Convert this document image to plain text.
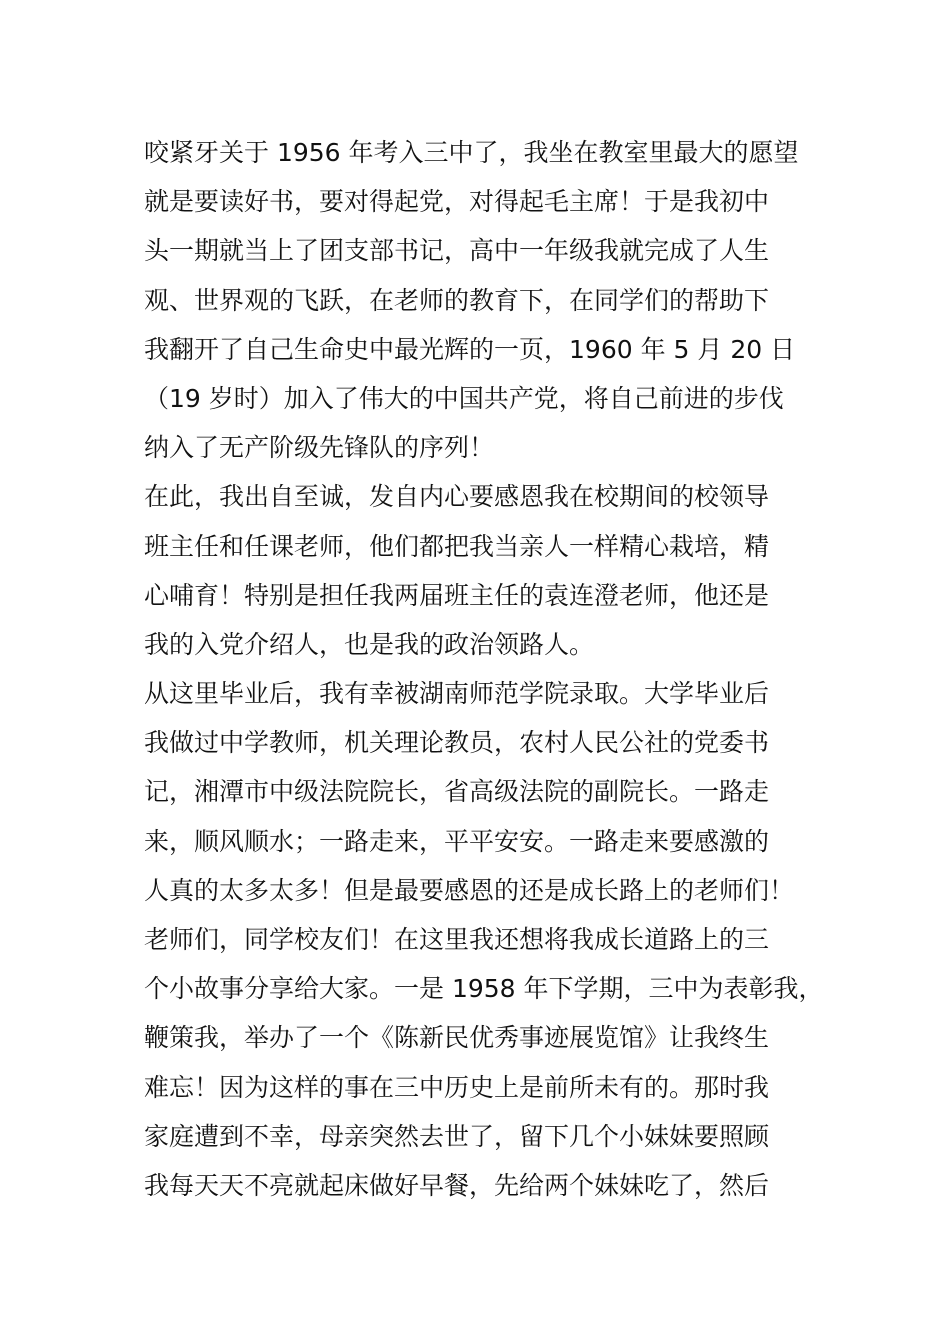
咬紧牙关于 1956 年考入三中了，我坐在教室里最大的愿望
就是要读好书，要对得起党，对得起毛主席！于是我初中
头一期就当上了团支部书记，高中一年级我就完成了人生
观、世界观的飞跃，在老师的教育下，在同学们的帮助下
我翻开了自己生命史中最光辉的一页，1960 年 5 月 20 日
（19 岁时）加入了伟大的中国共产党，将自己前进的步伐
纳入了无产阶级先锋队的序列！
在此，我出自至诚，发自内心要感恩我在校期间的校领导
班主任和任课老师，他们都把我当亲人一样精心栽培，精
心哺育！特别是担任我两届班主任的袁连澄老师，他还是
我的入党介绍人，也是我的政治领路人。
从这里毕业后，我有幸被湖南师范学院录取。大学毕业后
我做过中学教师，机关理论教员，农村人民公社的党委书
记，湘潭市中级法院院长，省高级法院的副院长。一路走
来，顺风顺水；一路走来，平平安安。一路走来要感激的
人真的太多太多！但是最要感恩的还是成长路上的老师们！
老师们，同学校友们！在这里我还想将我成长道路上的三
个小故事分享给大家。一是 1958 年下学期，三中为表彰我，
鞭策我，举办了一个《陈新民优秀事迹展览馆》让我终生
难忘！因为这样的事在三中历史上是前所未有的。那时我
家庭遭到不幸，母亲突然去世了，留下几个小妹妹要照顾
我每天天不亮就起床做好早餐，先给两个妹妹吃了，然后
